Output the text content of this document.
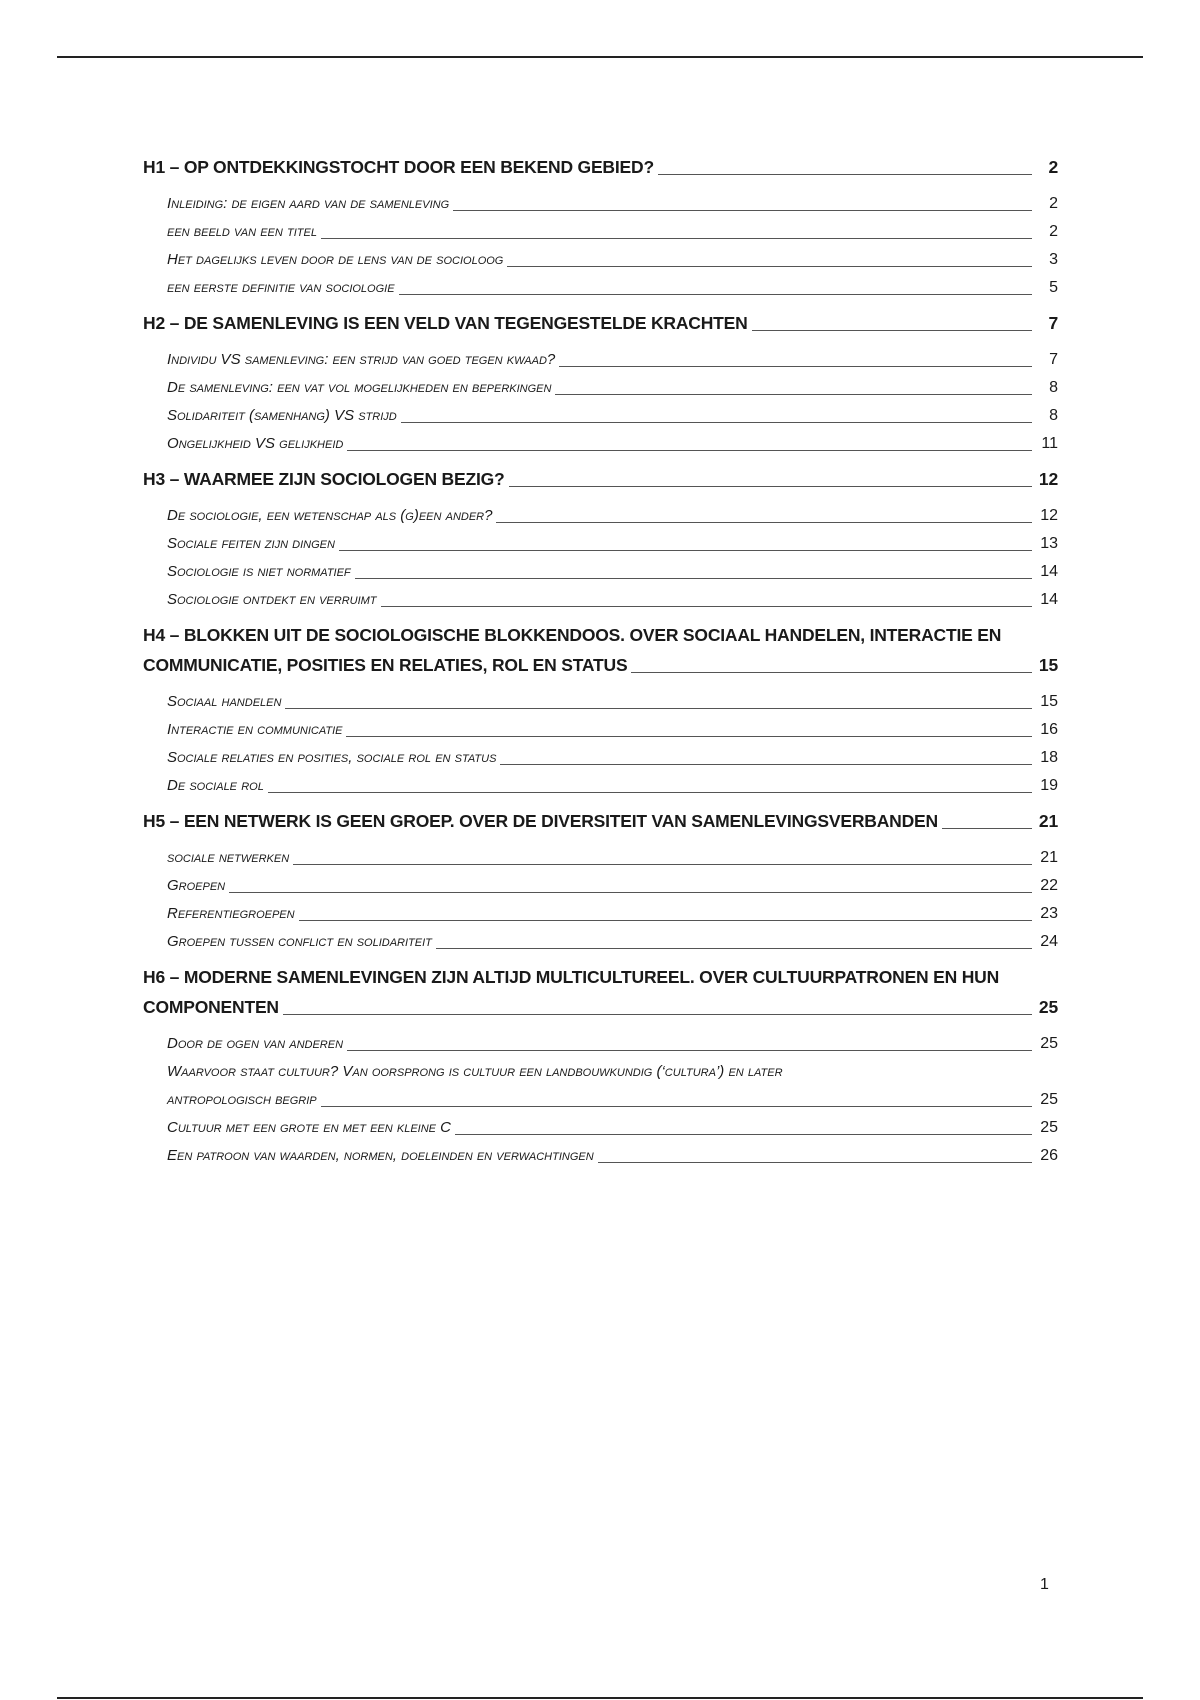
H1 – OP ONTDEKKINGSTOCHT DOOR EEN BEKEND GEBIED?	2
Inleiding: de eigen aard van de samenleving	2
een beeld van een titel	2
Het dagelijks leven door de lens van de socioloog	3
een eerste definitie van sociologie	5
H2 – DE SAMENLEVING IS EEN VELD VAN TEGENGESTELDE KRACHTEN	7
Individu VS samenleving: een strijd van goed tegen kwaad?	7
De samenleving: een vat vol mogelijkheden en beperkingen	8
Solidariteit (samenhang) VS strijd	8
Ongelijkheid VS gelijkheid	11
H3 – WAARMEE ZIJN SOCIOLOGEN BEZIG?	12
De sociologie, een wetenschap als (g)een ander?	12
Sociale feiten zijn dingen	13
Sociologie is niet normatief	14
Sociologie ontdekt en verruimt	14
H4 – BLOKKEN UIT DE SOCIOLOGISCHE BLOKKENDOOS. OVER SOCIAAL HANDELEN, INTERACTIE EN
COMMUNICATIE, POSITIES EN RELATIES, ROL EN STATUS	15
Sociaal handelen	15
Interactie en communicatie	16
Sociale relaties en posities, sociale rol en status	18
De sociale rol	19
H5 – EEN NETWERK IS GEEN GROEP. OVER DE DIVERSITEIT VAN SAMENLEVINGSVERBANDEN	21
sociale netwerken	21
Groepen	22
Referentiegroepen	23
Groepen tussen conflict en solidariteit	24
H6 – MODERNE SAMENLEVINGEN ZIJN ALTIJD MULTICULTUREEL. OVER CULTUURPATRONEN EN HUN
COMPONENTEN	25
Door de ogen van anderen	25
Waarvoor staat cultuur? Van oorsprong is cultuur een landbouwkundig (‘cultura’) en later
antropologisch begrip	25
Cultuur met een grote en met een kleine C	25
Een patroon van waarden, normen, doeleinden en verwachtingen	26
1
